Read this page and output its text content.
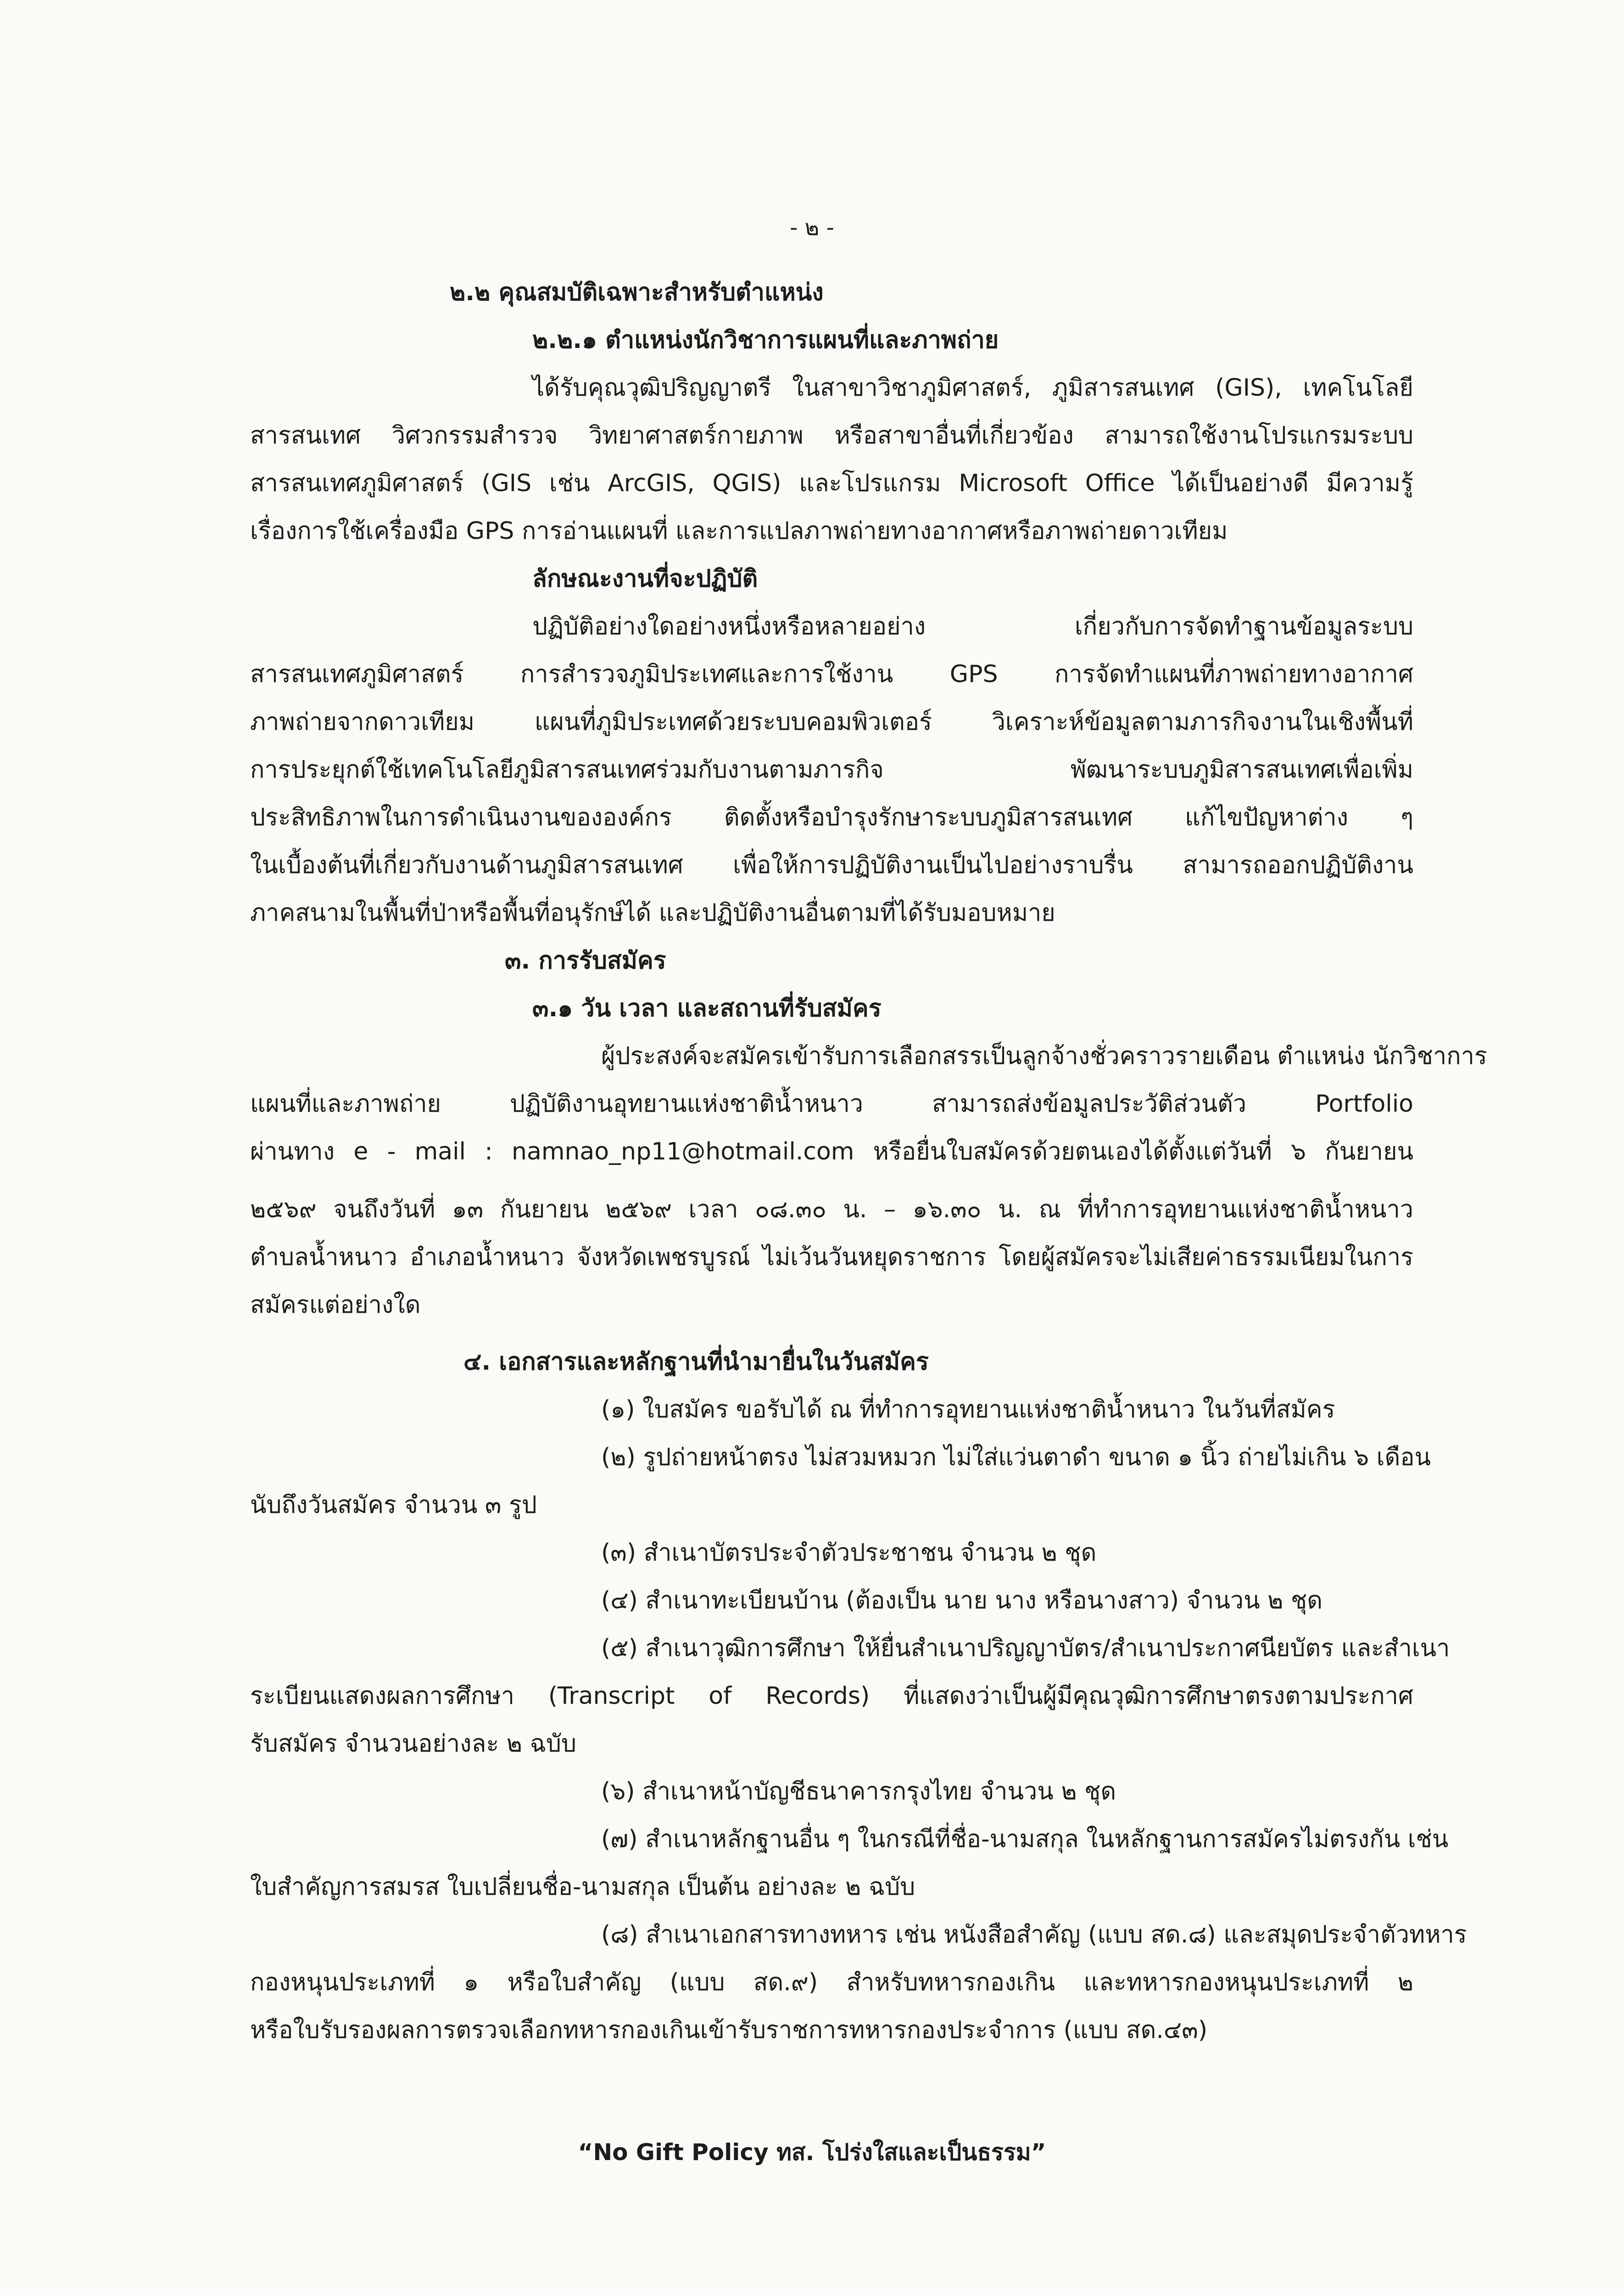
- ๒ -
๒.๒ คุณสมบัติเฉพาะสำหรับตำแหน่ง
๒.๒.๑ ตำแหน่งนักวิชาการแผนที่และภาพถ่าย
ได้รับคุณวุฒิปริญญาตรี ในสาขาวิชาภูมิศาสตร์, ภูมิสารสนเทศ (GIS), เทคโนโลยี
สารสนเทศ วิศวกรรมสำรวจ วิทยาศาสตร์กายภาพ หรือสาขาอื่นที่เกี่ยวข้อง สามารถใช้งานโปรแกรมระบบ
สารสนเทศภูมิศาสตร์ (GIS เช่น ArcGIS, QGIS) และโปรแกรม Microsoft Office ได้เป็นอย่างดี มีความรู้
เรื่องการใช้เครื่องมือ GPS การอ่านแผนที่ และการแปลภาพถ่ายทางอากาศหรือภาพถ่ายดาวเทียม
ลักษณะงานที่จะปฏิบัติ
ปฏิบัติอย่างใดอย่างหนึ่งหรือหลายอย่าง เกี่ยวกับการจัดทำฐานข้อมูลระบบ
สารสนเทศภูมิศาสตร์ การสำรวจภูมิประเทศและการใช้งาน GPS การจัดทำแผนที่ภาพถ่ายทางอากาศ
ภาพถ่ายจากดาวเทียม แผนที่ภูมิประเทศด้วยระบบคอมพิวเตอร์ วิเคราะห์ข้อมูลตามภารกิจงานในเชิงพื้นที่
การประยุกต์ใช้เทคโนโลยีภูมิสารสนเทศร่วมกับงานตามภารกิจ พัฒนาระบบภูมิสารสนเทศเพื่อเพิ่ม
ประสิทธิภาพในการดำเนินงานขององค์กร ติดตั้งหรือบำรุงรักษาระบบภูมิสารสนเทศ แก้ไขปัญหาต่าง ๆ
ในเบื้องต้นที่เกี่ยวกับงานด้านภูมิสารสนเทศ เพื่อให้การปฏิบัติงานเป็นไปอย่างราบรื่น สามารถออกปฏิบัติงาน
ภาคสนามในพื้นที่ป่าหรือพื้นที่อนุรักษ์ได้ และปฏิบัติงานอื่นตามที่ได้รับมอบหมาย
๓. การรับสมัคร
๓.๑ วัน เวลา และสถานที่รับสมัคร
ผู้ประสงค์จะสมัครเข้ารับการเลือกสรรเป็นลูกจ้างชั่วคราวรายเดือน ตำแหน่ง นักวิชาการ
แผนที่และภาพถ่าย ปฏิบัติงานอุทยานแห่งชาติน้ำหนาว สามารถส่งข้อมูลประวัติส่วนตัว Portfolio
ผ่านทาง e - mail : namnao_np11@hotmail.com หรือยื่นใบสมัครด้วยตนเองได้ตั้งแต่วันที่ ๖ กันยายน
๒๕๖๙ จนถึงวันที่ ๑๓ กันยายน ๒๕๖๙ เวลา ๐๘.๓๐ น. – ๑๖.๓๐ น. ณ ที่ทำการอุทยานแห่งชาติน้ำหนาว
ตำบลน้ำหนาว อำเภอน้ำหนาว จังหวัดเพชรบูรณ์ ไม่เว้นวันหยุดราชการ โดยผู้สมัครจะไม่เสียค่าธรรมเนียมในการ
สมัครแต่อย่างใด
๔. เอกสารและหลักฐานที่นำมายื่นในวันสมัคร
(๑) ใบสมัคร ขอรับได้ ณ ที่ทำการอุทยานแห่งชาติน้ำหนาว ในวันที่สมัคร
(๒) รูปถ่ายหน้าตรง ไม่สวมหมวก ไม่ใส่แว่นตาดำ ขนาด ๑ นิ้ว ถ่ายไม่เกิน ๖ เดือน
นับถึงวันสมัคร จำนวน ๓ รูป
(๓) สำเนาบัตรประจำตัวประชาชน จำนวน ๒ ชุด
(๔) สำเนาทะเบียนบ้าน (ต้องเป็น นาย นาง หรือนางสาว) จำนวน ๒ ชุด
(๕) สำเนาวุฒิการศึกษา ให้ยื่นสำเนาปริญญาบัตร/สำเนาประกาศนียบัตร และสำเนา
ระเบียนแสดงผลการศึกษา (Transcript of Records) ที่แสดงว่าเป็นผู้มีคุณวุฒิการศึกษาตรงตามประกาศ
รับสมัคร จำนวนอย่างละ ๒ ฉบับ
(๖) สำเนาหน้าบัญชีธนาคารกรุงไทย จำนวน ๒ ชุด
(๗) สำเนาหลักฐานอื่น ๆ ในกรณีที่ชื่อ-นามสกุล ในหลักฐานการสมัครไม่ตรงกัน เช่น
ใบสำคัญการสมรส ใบเปลี่ยนชื่อ-นามสกุล เป็นต้น อย่างละ ๒ ฉบับ
(๘) สำเนาเอกสารทางทหาร เช่น หนังสือสำคัญ (แบบ สด.๘) และสมุดประจำตัวทหาร
กองหนุนประเภทที่ ๑ หรือใบสำคัญ (แบบ สด.๙) สำหรับทหารกองเกิน และทหารกองหนุนประเภทที่ ๒
หรือใบรับรองผลการตรวจเลือกทหารกองเกินเข้ารับราชการทหารกองประจำการ (แบบ สด.๔๓)
“No Gift Policy ทส. โปร่งใสและเป็นธรรม”
